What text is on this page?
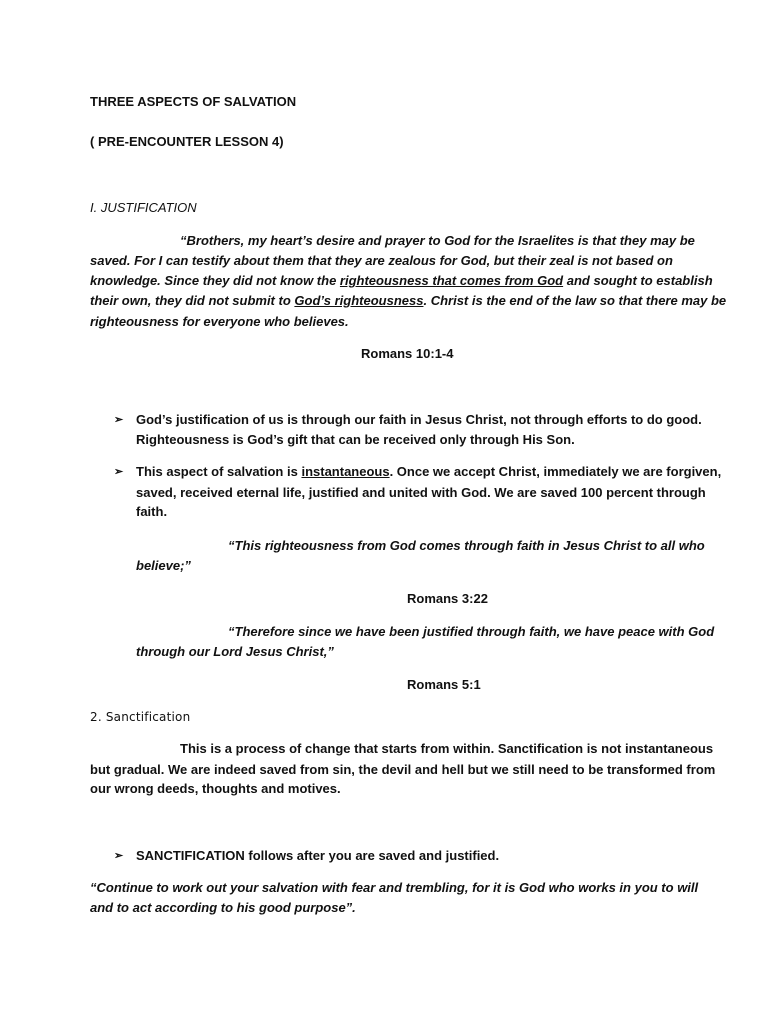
THREE ASPECTS OF SALVATION
( PRE-ENCOUNTER LESSON 4)
I. JUSTIFICATION
“Brothers, my heart’s desire and prayer to God for the Israelites is that they may be
saved. For I can testify about them that they are zealous for God, but their zeal is not based on
knowledge. Since they did not know the righteousness that comes from God and sought to establish
their own, they did not submit to God’s righteousness. Christ is the end of the law so that there may be
righteousness for everyone who believes.
Romans 10:1-4
➢ God’s justification of us is through our faith in Jesus Christ, not through efforts to do good.
Righteousness is God’s gift that can be received only through His Son.
➢ This aspect of salvation is instantaneous. Once we accept Christ, immediately we are forgiven,
saved, received eternal life, justified and united with God. We are saved 100 percent through
faith.
“This righteousness from God comes through faith in Jesus Christ to all who
believe;”
Romans 3:22
“Therefore since we have been justified through faith, we have peace with God
through our Lord Jesus Christ,”
Romans 5:1
2. Sanctification
This is a process of change that starts from within. Sanctification is not instantaneous
but gradual. We are indeed saved from sin, the devil and hell but we still need to be transformed from
our wrong deeds, thoughts and motives.
➢ SANCTIFICATION follows after you are saved and justified.
“Continue to work out your salvation with fear and trembling, for it is God who works in you to will
and to act according to his good purpose”.
